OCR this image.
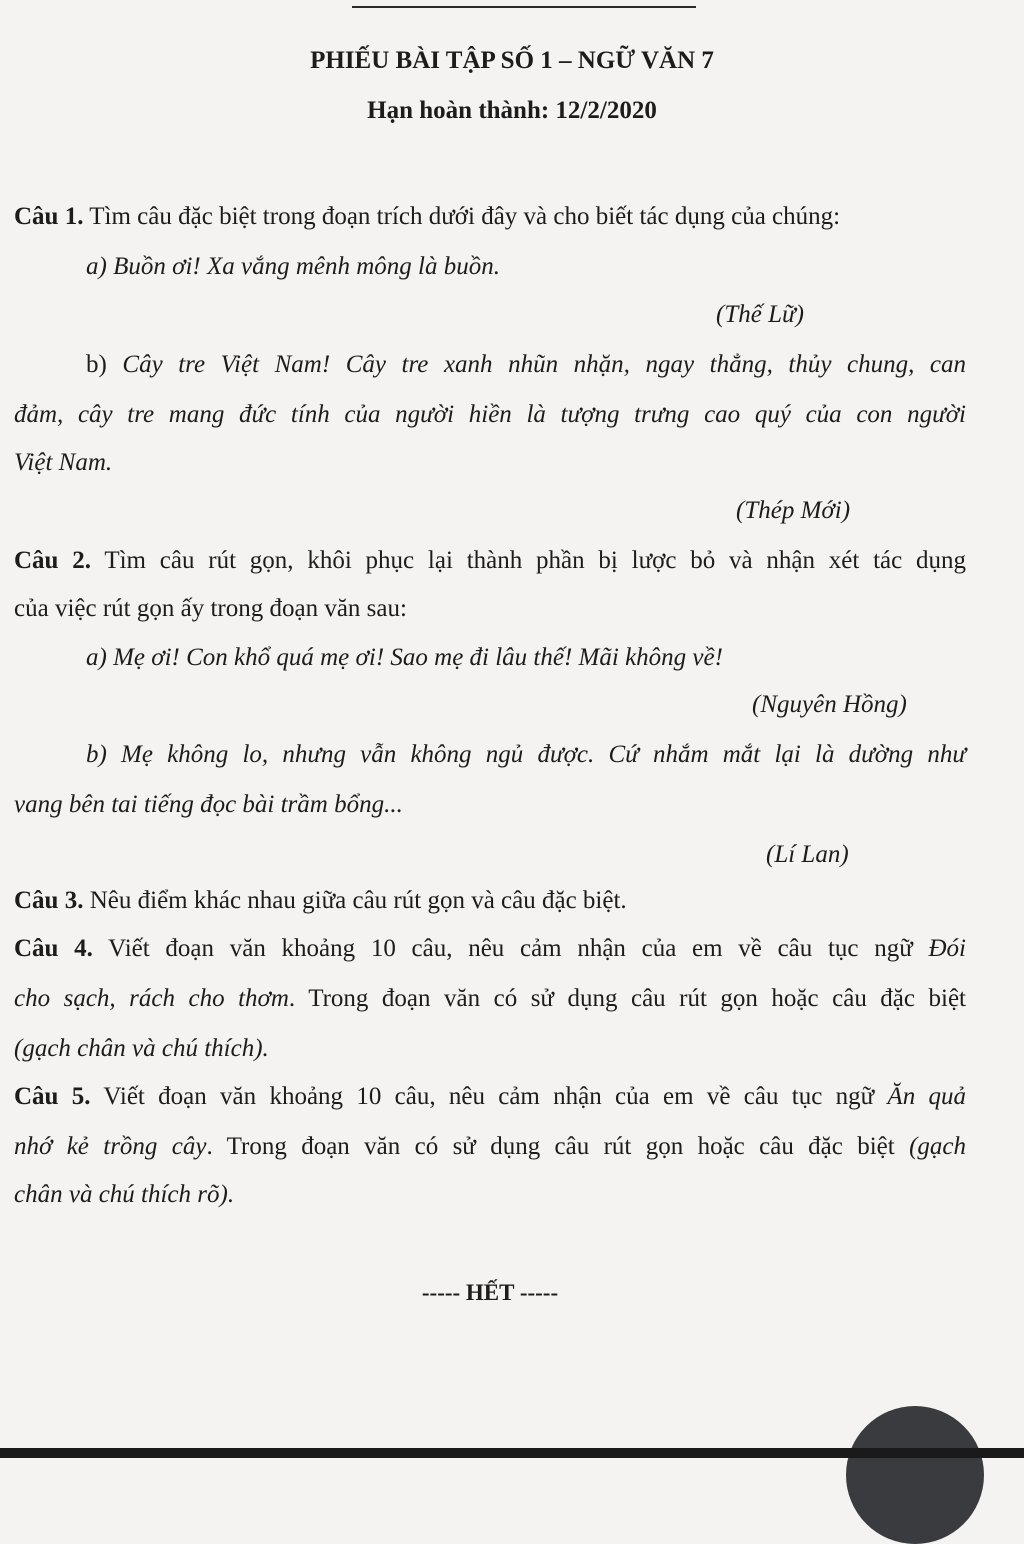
PHIẾU BÀI TẬP SỐ 1 – NGỮ VĂN 7
Hạn hoàn thành: 12/2/2020
Câu 1. Tìm câu đặc biệt trong đoạn trích dưới đây và cho biết tác dụng của chúng:
a) Buồn ơi! Xa vắng mênh mông là buồn.
(Thế Lữ)
b) Cây tre Việt Nam! Cây tre xanh nhũn nhặn, ngay thẳng, thủy chung, can
đảm, cây tre mang đức tính của người hiền là tượng trưng cao quý của con người
Việt Nam.
(Thép Mới)
Câu 2. Tìm câu rút gọn, khôi phục lại thành phần bị lược bỏ và nhận xét tác dụng
của việc rút gọn ấy trong đoạn văn sau:
a) Mẹ ơi! Con khổ quá mẹ ơi! Sao mẹ đi lâu thế! Mãi không về!
(Nguyên Hồng)
b) Mẹ không lo, nhưng vẫn không ngủ được. Cứ nhắm mắt lại là dường như
vang bên tai tiếng đọc bài trầm bổng...
(Lí Lan)
Câu 3. Nêu điểm khác nhau giữa câu rút gọn và câu đặc biệt.
Câu 4. Viết đoạn văn khoảng 10 câu, nêu cảm nhận của em về câu tục ngữ Đói
cho sạch, rách cho thơm. Trong đoạn văn có sử dụng câu rút gọn hoặc câu đặc biệt
(gạch chân và chú thích).
Câu 5. Viết đoạn văn khoảng 10 câu, nêu cảm nhận của em về câu tục ngữ Ăn quả
nhớ kẻ trồng cây. Trong đoạn văn có sử dụng câu rút gọn hoặc câu đặc biệt (gạch
chân và chú thích rõ).
----- HẾT -----
